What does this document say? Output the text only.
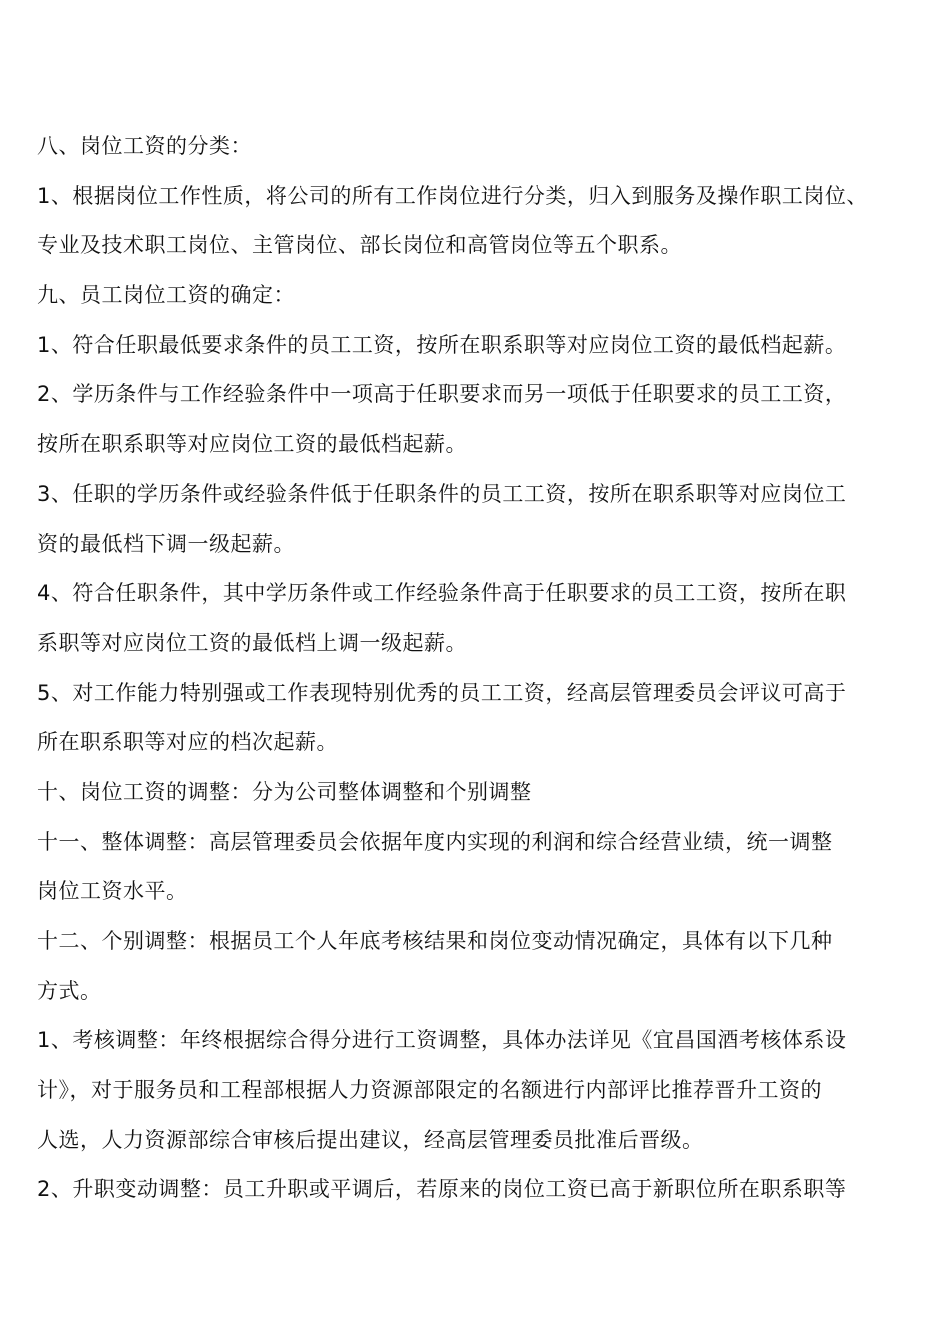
八、岗位工资的分类：
1、根据岗位工作性质，将公司的所有工作岗位进行分类，归入到服务及操作职工岗位、
专业及技术职工岗位、主管岗位、部长岗位和高管岗位等五个职系。
九、员工岗位工资的确定：
1、符合任职最低要求条件的员工工资，按所在职系职等对应岗位工资的最低档起薪。
2、学历条件与工作经验条件中一项高于任职要求而另一项低于任职要求的员工工资，
按所在职系职等对应岗位工资的最低档起薪。
3、任职的学历条件或经验条件低于任职条件的员工工资，按所在职系职等对应岗位工
资的最低档下调一级起薪。
4、符合任职条件，其中学历条件或工作经验条件高于任职要求的员工工资，按所在职
系职等对应岗位工资的最低档上调一级起薪。
5、对工作能力特别强或工作表现特别优秀的员工工资，经高层管理委员会评议可高于
所在职系职等对应的档次起薪。
十、岗位工资的调整：分为公司整体调整和个别调整
十一、整体调整：高层管理委员会依据年度内实现的利润和综合经营业绩，统一调整
岗位工资水平。
十二、个别调整：根据员工个人年底考核结果和岗位变动情况确定，具体有以下几种
方式。
1、考核调整：年终根据综合得分进行工资调整，具体办法详见《宜昌国酒考核体系设
计》，对于服务员和工程部根据人力资源部限定的名额进行内部评比推荐晋升工资的
人选，人力资源部综合审核后提出建议，经高层管理委员批准后晋级。
2、升职变动调整：员工升职或平调后，若原来的岗位工资已高于新职位所在职系职等
